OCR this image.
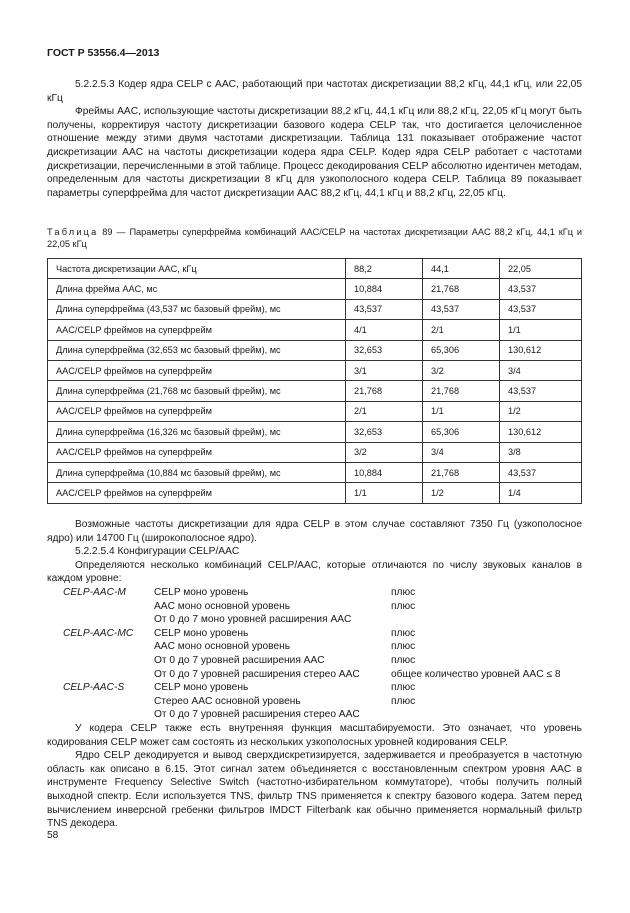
ГОСТ Р 53556.4—2013

5.2.2.5.3 Кодер ядра CELP с AAC, работающий при частотах дискретизации 88,2 кГц, 44,1 кГц, или 22,05 кГц

Фреймы AAC, использующие частоты дискретизации 88,2 кГц, 44,1 кГц или 88,2 кГц, 22,05 кГц могут быть получены, корректируя частоту дискретизации базового кодера CELP так, что достигается целочисленное отношение между этими двумя частотами дискретизации. Таблица 131 показывает отображение частот дискретизации AAC на частоты дискретизации кодера ядра CELP. Кодер ядра CELP работает с частотами дискретизации, перечисленными в этой таблице. Процесс декодирования CELP абсолютно идентичен методам, определенным для частоты дискретизации 8 кГц для узкополосного кодера CELP. Таблица 89 показывает параметры суперфрейма для частот дискретизации AAC 88,2 кГц, 44,1 кГц и 88,2 кГц, 22,05 кГц.

Таблица 89 — Параметры суперфрейма комбинаций AAC/CELP на частотах дискретизации AAC 88,2 кГц, 44,1 кГц и 22,05 кГц
Частота дискретизации AAC, кГц	88,2	44,1	22,05
Длина фрейма AAC, мс	10,884	21,768	43,537
Длина суперфрейма (43,537 мс базовый фрейм), мс	43,537	43,537	43,537
AAC/CELP фреймов на суперфрейм	4/1	2/1	1/1
Длина суперфрейма (32,653 мс базовый фрейм), мс	32,653	65,306	130,612
AAC/CELP фреймов на суперфрейм	3/1	3/2	3/4
Длина суперфрейма (21,768 мс базовый фрейм), мс	21,768	21,768	43,537
AAC/CELP фреймов на суперфрейм	2/1	1/1	1/2
Длина суперфрейма (16,326 мс базовый фрейм), мс	32,653	65,306	130,612
AAC/CELP фреймов на суперфрейм	3/2	3/4	3/8
Длина суперфрейма (10,884 мс базовый фрейм), мс	10,884	21,768	43,537
AAC/CELP фреймов на суперфрейм	1/1	1/2	1/4

Возможные частоты дискретизации для ядра CELP в этом случае составляют 7350 Гц (узкополосное ядро) или 14700 Гц (широкополосное ядро).

5.2.2.5.4 Конфигурации CELP/AAC

Определяются несколько комбинаций CELP/AAC, которые отличаются по числу звуковых каналов в каждом уровне:

CELP-AAC-M	CELP моно уровень	плюс
AAC моно основной уровень	плюс
От 0 до 7 моно уровней расширения AAC
CELP-AAC-MC CELP моно уровень	плюс
AAC моно основной уровень	плюс
От 0 до 7 уровней расширения AAC	плюс
От 0 до 7 уровней расширения стерео AAC	общее количество уровней AAC ≤ 8
CELP-AAC-S	CELP моно уровень	плюс
Стерео AAC основной уровень	плюс
От 0 до 7 уровней расширения стерео AAC

У кодера CELP также есть внутренняя функция масштабируемости. Это означает, что уровень кодирования CELP может сам состоять из нескольких узкополосных уровней кодирования CELP.

Ядро CELP декодируется и вывод сверхдискретизируется, задерживается и преобразуется в частотную область как описано в 6.15. Этот сигнал затем объединяется с восстановленным спектром уровня AAC в инструменте Frequency Selective Switch (частотно-избирательном коммутаторе), чтобы получить полный выходной спектр. Если используется TNS, фильтр TNS применяется к спектру базового кодера. Затем перед вычислением инверсной гребенки фильтров IMDCT Filterbank как обычно применяется нормальный фильтр TNS декодера.

58
